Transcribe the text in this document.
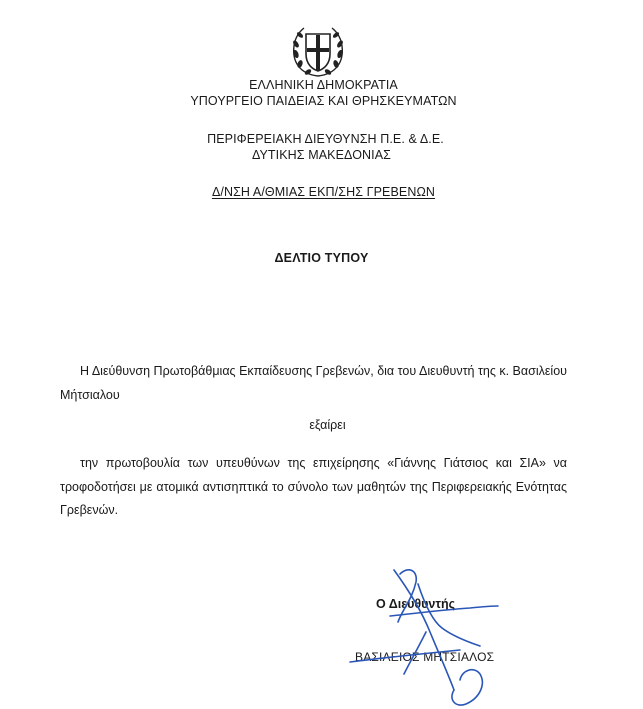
ΕΛΛΗΝΙΚΗ ΔΗΜΟΚΡΑΤΙΑ
ΥΠΟΥΡΓΕΙΟ ΠΑΙΔΕΙΑΣ ΚΑΙ ΘΡΗΣΚΕΥΜΑΤΩΝ
ΠΕΡΙΦΕΡΕΙΑΚΗ ΔΙΕΥΘΥΝΣΗ Π.Ε. & Δ.Ε.
ΔΥΤΙΚΗΣ ΜΑΚΕΔΟΝΙΑΣ
Δ/ΝΣΗ Α/ΘΜΙΑΣ ΕΚΠ/ΣΗΣ ΓΡΕΒΕΝΩΝ
ΔΕΛΤΙΟ ΤΥΠΟΥ
Η Διεύθυνση Πρωτοβάθμιας Εκπαίδευσης Γρεβενών, δια του Διευθυντή της κ. Βασιλείου Μήτσιαλου
εξαίρει
την πρωτοβουλία των υπευθύνων της επιχείρησης «Γιάννης Γιάτσιος και ΣΙΑ» να τροφοδοτήσει με ατομικά αντισηπτικά το σύνολο των μαθητών της Περιφερειακής Ενότητας Γρεβενών.
Ο Διευθυντής
ΒΑΣΙΛΕΙΟΣ ΜΗΤΣΙΑΛΟΣ
